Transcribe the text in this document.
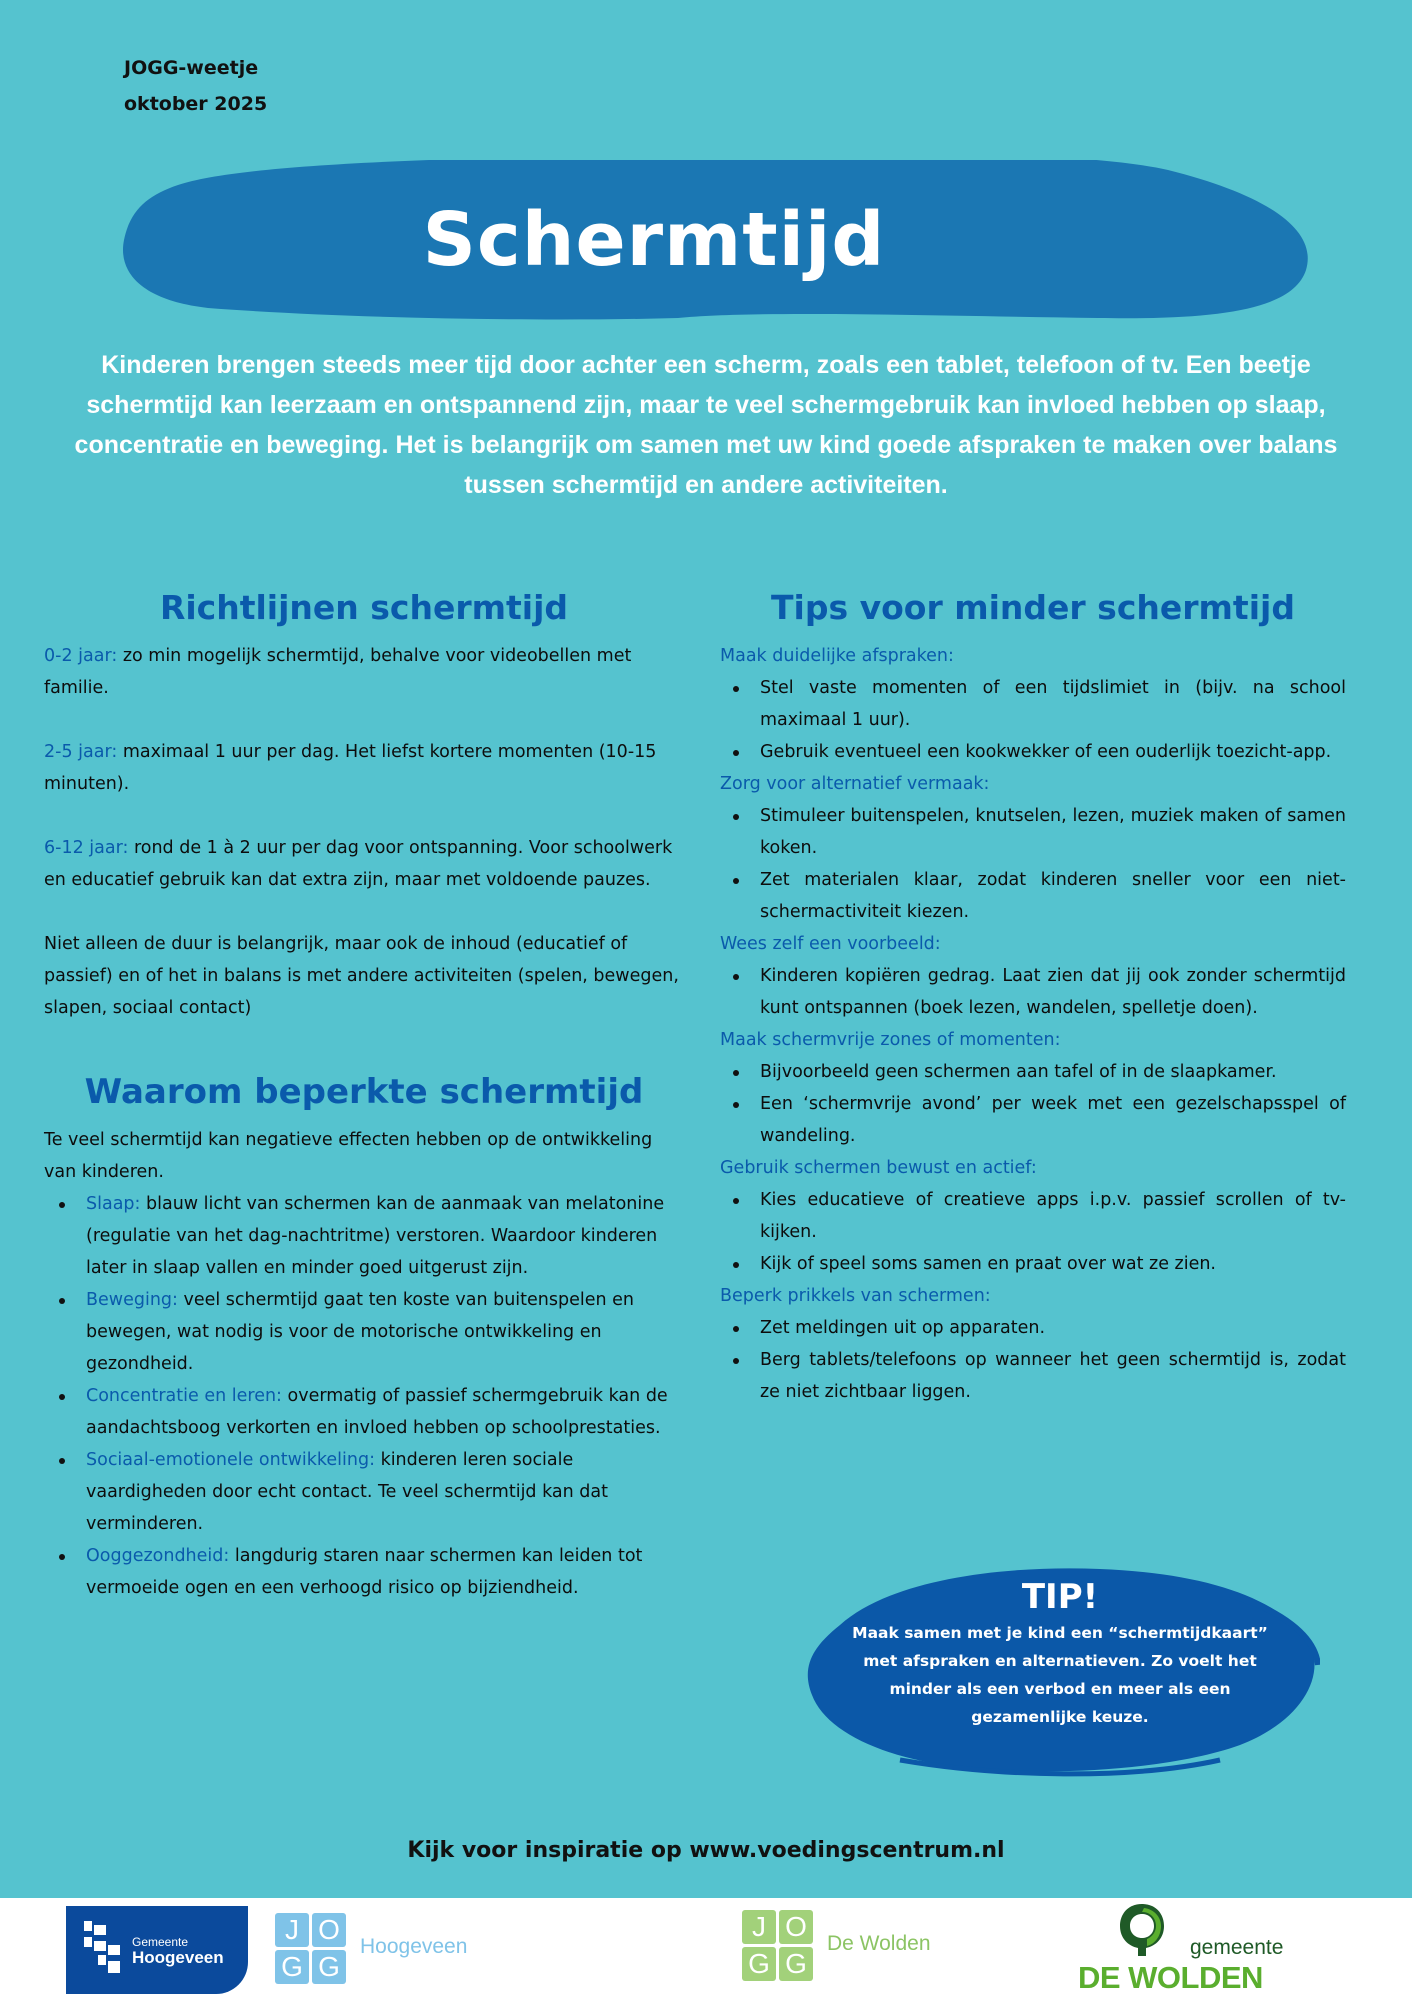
JOGG-weetje
oktober 2025
Schermtijd

Kinderen brengen steeds meer tijd door achter een scherm, zoals een tablet, telefoon of tv. Een beetje schermtijd kan leerzaam en ontspannend zijn, maar te veel schermgebruik kan invloed hebben op slaap, concentratie en beweging. Het is belangrijk om samen met uw kind goede afspraken te maken over balans tussen schermtijd en andere activiteiten.

Richtlijnen schermtijd

0-2 jaar: zo min mogelijk schermtijd, behalve voor videobellen met familie.

2-5 jaar: maximaal 1 uur per dag. Het liefst kortere momenten (10-15 minuten).

6-12 jaar: rond de 1 à 2 uur per dag voor ontspanning. Voor schoolwerk en educatief gebruik kan dat extra zijn, maar met voldoende pauzes.

Niet alleen de duur is belangrijk, maar ook de inhoud (educatief of passief) en of het in balans is met andere activiteiten (spelen, bewegen, slapen, sociaal contact)

Waarom beperkte schermtijd

Te veel schermtijd kan negatieve effecten hebben op de ontwikkeling van kinderen.

Slaap: blauw licht van schermen kan de aanmaak van melatonine (regulatie van het dag-nachtritme) verstoren. Waardoor kinderen later in slaap vallen en minder goed uitgerust zijn.
Beweging: veel schermtijd gaat ten koste van buitenspelen en bewegen, wat nodig is voor de motorische ontwikkeling en gezondheid.
Concentratie en leren: overmatig of passief schermgebruik kan de aandachtsboog verkorten en invloed hebben op schoolprestaties.
Sociaal-emotionele ontwikkeling: kinderen leren sociale vaardigheden door echt contact. Te veel schermtijd kan dat verminderen.
Ooggezondheid: langdurig staren naar schermen kan leiden tot vermoeide ogen en een verhoogd risico op bijziendheid.
Tips voor minder schermtijd
Maak duidelijke afspraken:
Stel vaste momenten of een tijdslimiet in (bijv. na school maximaal 1 uur).
Gebruik eventueel een kookwekker of een ouderlijk toezicht-app.
Zorg voor alternatief vermaak:
Stimuleer buitenspelen, knutselen, lezen, muziek maken of samen koken.
Zet materialen klaar, zodat kinderen sneller voor een niet-schermactiviteit kiezen.
Wees zelf een voorbeeld:
Kinderen kopiëren gedrag. Laat zien dat jij ook zonder schermtijd kunt ontspannen (boek lezen, wandelen, spelletje doen).
Maak schermvrije zones of momenten:
Bijvoorbeeld geen schermen aan tafel of in de slaapkamer.
Een ‘schermvrije avond’ per week met een gezelschapsspel of wandeling.
Gebruik schermen bewust en actief:
Kies educatieve of creatieve apps i.p.v. passief scrollen of tv-kijken.
Kijk of speel soms samen en praat over wat ze zien.
Beperk prikkels van schermen:
Zet meldingen uit op apparaten.
Berg tablets/telefoons op wanneer het geen schermtijd is, zodat ze niet zichtbaar liggen.
TIP!
Maak samen met je kind een “schermtijdkaart” met afspraken en alternatieven. Zo voelt het minder als een verbod en meer als een gezamenlijke keuze.
Kijk voor inspiratie op www.voedingscentrum.nl
Gemeente
Hoogeveen
J O
G G
Hoogeveen
J O
G G
De Wolden	gemeente
DE WOLDEN
